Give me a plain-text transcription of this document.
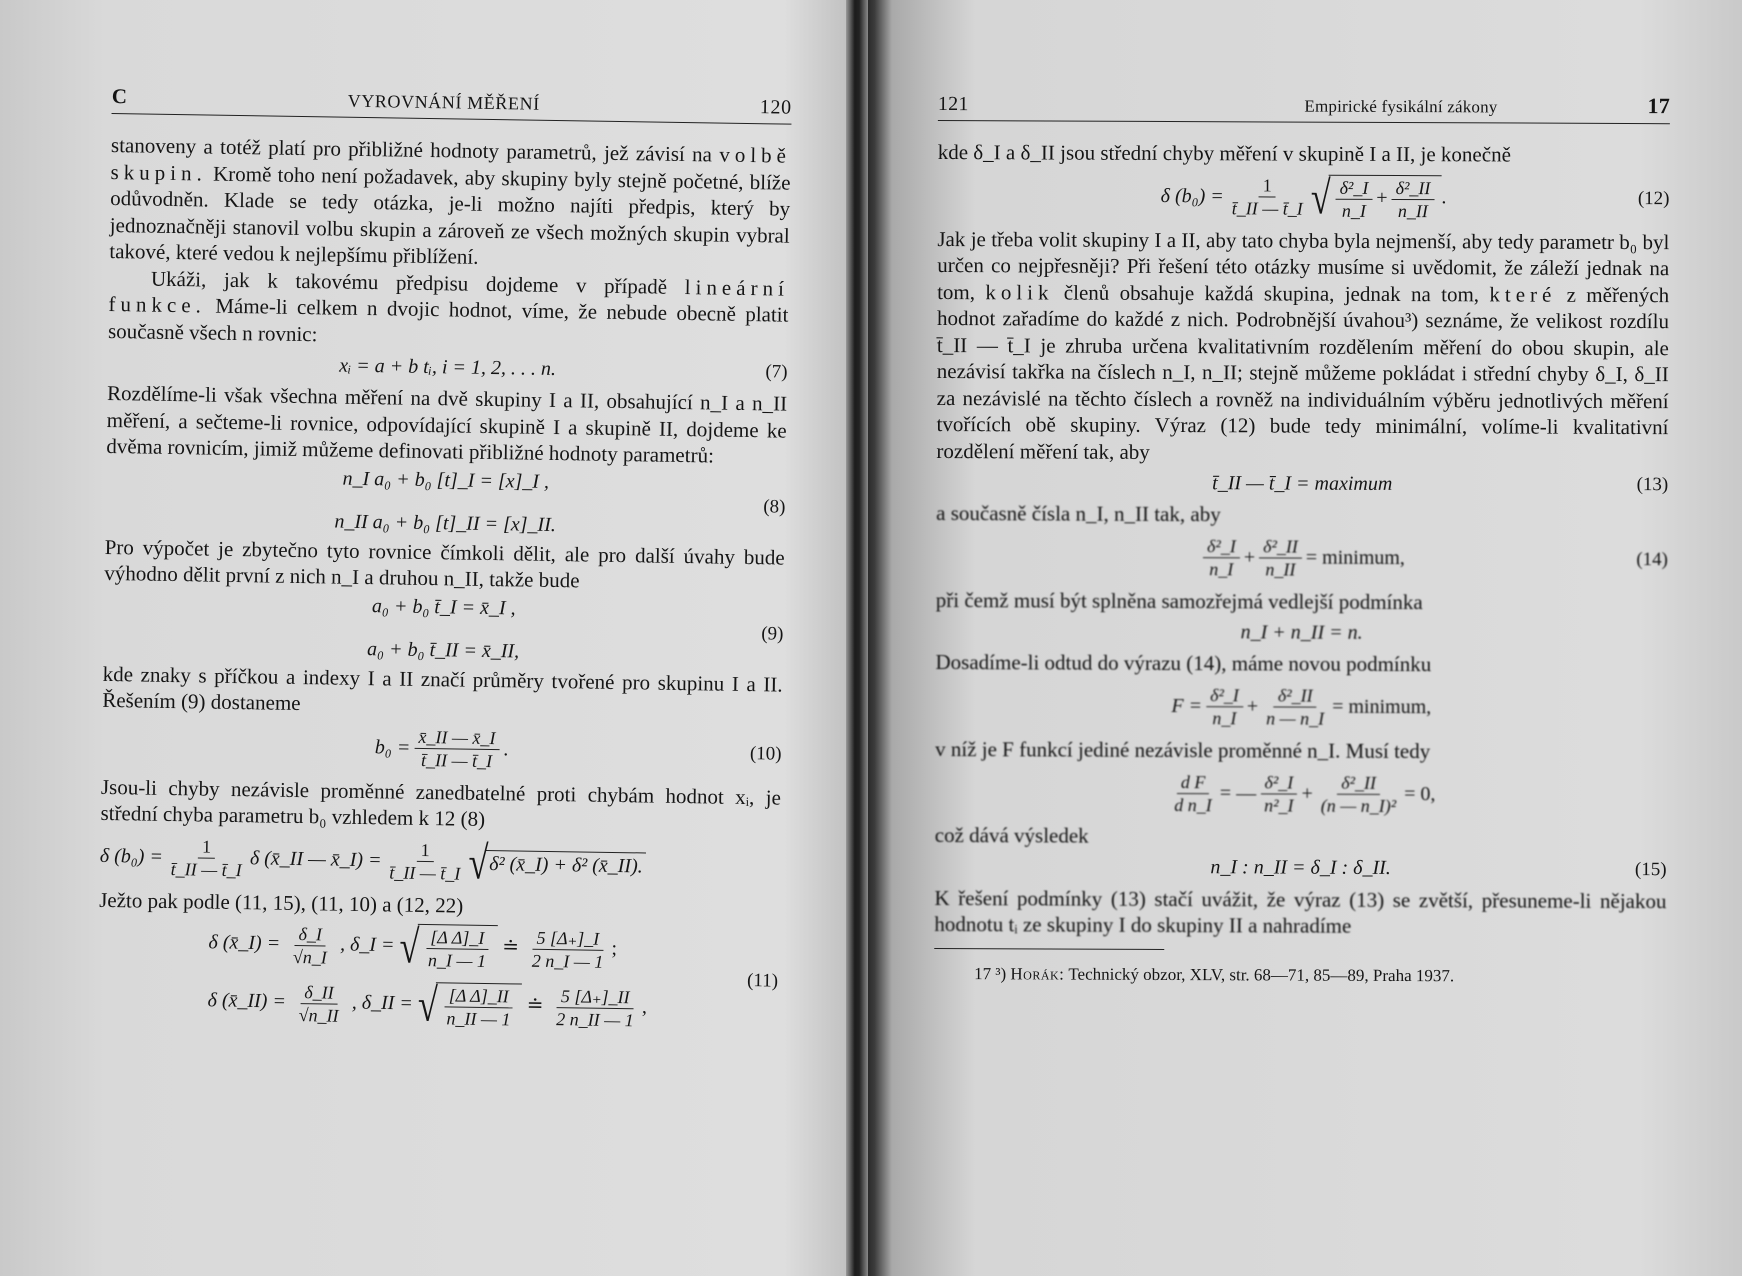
C	VYROVNÁNÍ MĚŘENÍ	120

stanoveny a totéž platí pro přibližné hodnoty parametrů, jež závisí na volbě skupin. Kromě toho není požadavek, aby skupiny byly stejně početné, blíže odůvodněn. Klade se tedy otázka, je-li možno najíti předpis, který by jednoznačněji stanovil volbu skupin a zároveň ze všech možných skupin vybral takové, které vedou k nejlepšímu přiblížení.

Ukáži, jak k takovému předpisu dojdeme v případě lineární funkce. Máme-li celkem n dvojic hodnot, víme, že nebude obecně platit současně všech n rovnic:

xᵢ = a + b tᵢ, i = 1, 2, . . . n.	(7)

Rozdělíme-li však všechna měření na dvě skupiny I a II, obsahující n_I a n_II měření, a sečteme-li rovnice, odpovídající skupině I a skupině II, dojdeme ke dvěma rovnicím, jimiž můžeme definovati přibližné hodnoty parametrů:

n_I a₀ + b₀ [t]_I = [x]_I ,
n_II a₀ + b₀ [t]_II = [x]_II.
(8)

Pro výpočet je zbytečno tyto rovnice čímkoli dělit, ale pro další úvahy bude výhodno dělit první z nich n_I a druhou n_II, takže bude

a₀ + b₀ t̄_I = x̄_I ,
a₀ + b₀ t̄_II = x̄_II,
(9)

kde znaky s příčkou a indexy I a II značí průměry tvořené pro skupinu I a II. Řešením (9) dostaneme

$b_0 = \frac{x̄\_II — x̄\_I}{t̄\_II — t̄\_I}$ .	(10)

Jsou-li chyby nezávisle proměnné zanedbatelné proti chybám hodnot xᵢ, je střední chyba parametru b₀ vzhledem k 12 (8)

δ $(b_0) = \frac{1}{t̄\_II — t̄\_I}$ δ (x̄_II — x̄_I) = $\frac{1}{t̄\_II — t̄\_I}$ √ δ² (x̄_I) + δ² (x̄_II).

Ježto pak podle (11, 15), (11, 10) a (12, 22)

δ (x̄_I) = $\frac{\delta\_I}{√n\_I}$ , δ_I = √ $\frac{\text{[Δ Δ]\_I}}{n\_I — 1}$ ≐ $\frac{5 [\Delta_+]\_I}{2 n\_I — 1}$ ;
δ (x̄_II) = $\frac{\delta\_II}{√n\_II}$ , δ_II = √ $\frac{\text{[Δ Δ]\_II}}{n\_II — 1}$ ≐ $\frac{5 [\Delta_+]\_II}{2 n\_II — 1}$ ,
(11)
121	Empirické fysikální zákony	17

kde δ_I a δ_II jsou střední chyby měření v skupině I a II, je konečně

δ $(b_0) = \frac{1}{t̄\_II — t̄\_I}$ √ $\frac{\text{δ²\_I}}{n\_I} + \frac{\text{δ²\_II}}{n\_II}$ .	(12)

Jak je třeba volit skupiny I a II, aby tato chyba byla nejmenší, aby tedy parametr b₀ byl určen co nejpřesněji? Při řešení této otázky musíme si uvědomit, že záleží jednak na tom, kolik členů obsahuje každá skupina, jednak na tom, které z měřených hodnot zařadíme do každé z nich. Podrobnější úvahou³) seznáme, že velikost rozdílu t̄_II — t̄_I je zhruba určena kvalitativním rozdělením měření do obou skupin, ale nezávisí takřka na číslech n_I, n_II; stejně můžeme pokládat i střední chyby δ_I, δ_II za nezávislé na těchto číslech a rovněž na individuálním výběru jednotlivých měření tvořících obě skupiny. Výraz (12) bude tedy minimální, volíme-li kvalitativní rozdělení měření tak, aby

t̄_II — t̄_I = maximum	(13)

a současně čísla n_I, n_II tak, aby

$\frac{\text{δ²\_I}}{n\_I} + \frac{\text{δ²\_II}}{n\_II}$ = minimum,	(14)

při čemž musí být splněna samozřejmá vedlejší podmínka

n_I + n_II = n.

Dosadíme-li odtud do výrazu (14), máme novou podmínku

$F = \frac{\text{δ²\_I}}{n\_I} + \frac{\text{δ²\_II}}{n — n\_I}$ = minimum,

v níž je F funkcí jediné nezávisle proměnné n_I. Musí tedy

$\frac{\text{d F}}{\text{d n\_I}}$ = — $\frac{\text{δ²\_I}}{\text{n²\_I}} + \frac{\text{δ²\_II}}{\text{(n — n\_I)²}} = 0$,

což dává výsledek

n_I : n_II = δ_I : δ_II.	(15)

K řešení podmínky (13) stačí uvážit, že výraz (13) se zvětší, přesuneme-li nějakou hodnotu tᵢ ze skupiny I do skupiny II a nahradíme

17 ³) Horák: Technický obzor, XLV, str. 68—71, 85—89, Praha 1937.
